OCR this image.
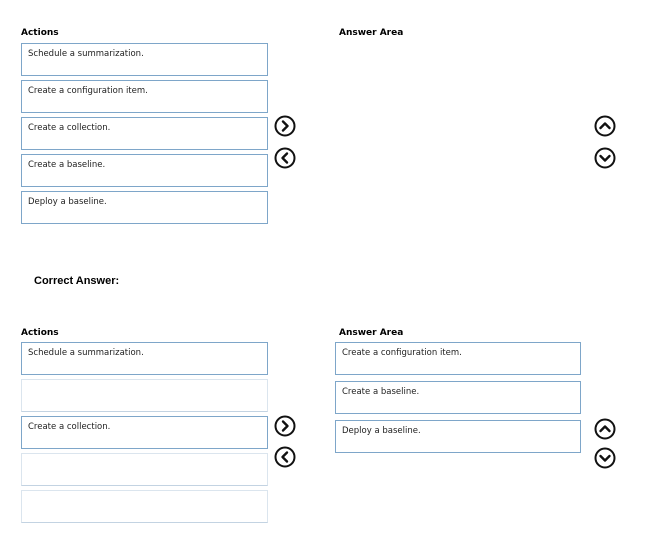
Actions	Answer Area
Schedule a summarization.
Create a configuration item.
Create a collection.
Create a baseline.
Deploy a baseline.
Correct Answer:
Actions	Answer Area
Schedule a summarization.
Create a collection.
Create a configuration item.
Create a baseline.
Deploy a baseline.
